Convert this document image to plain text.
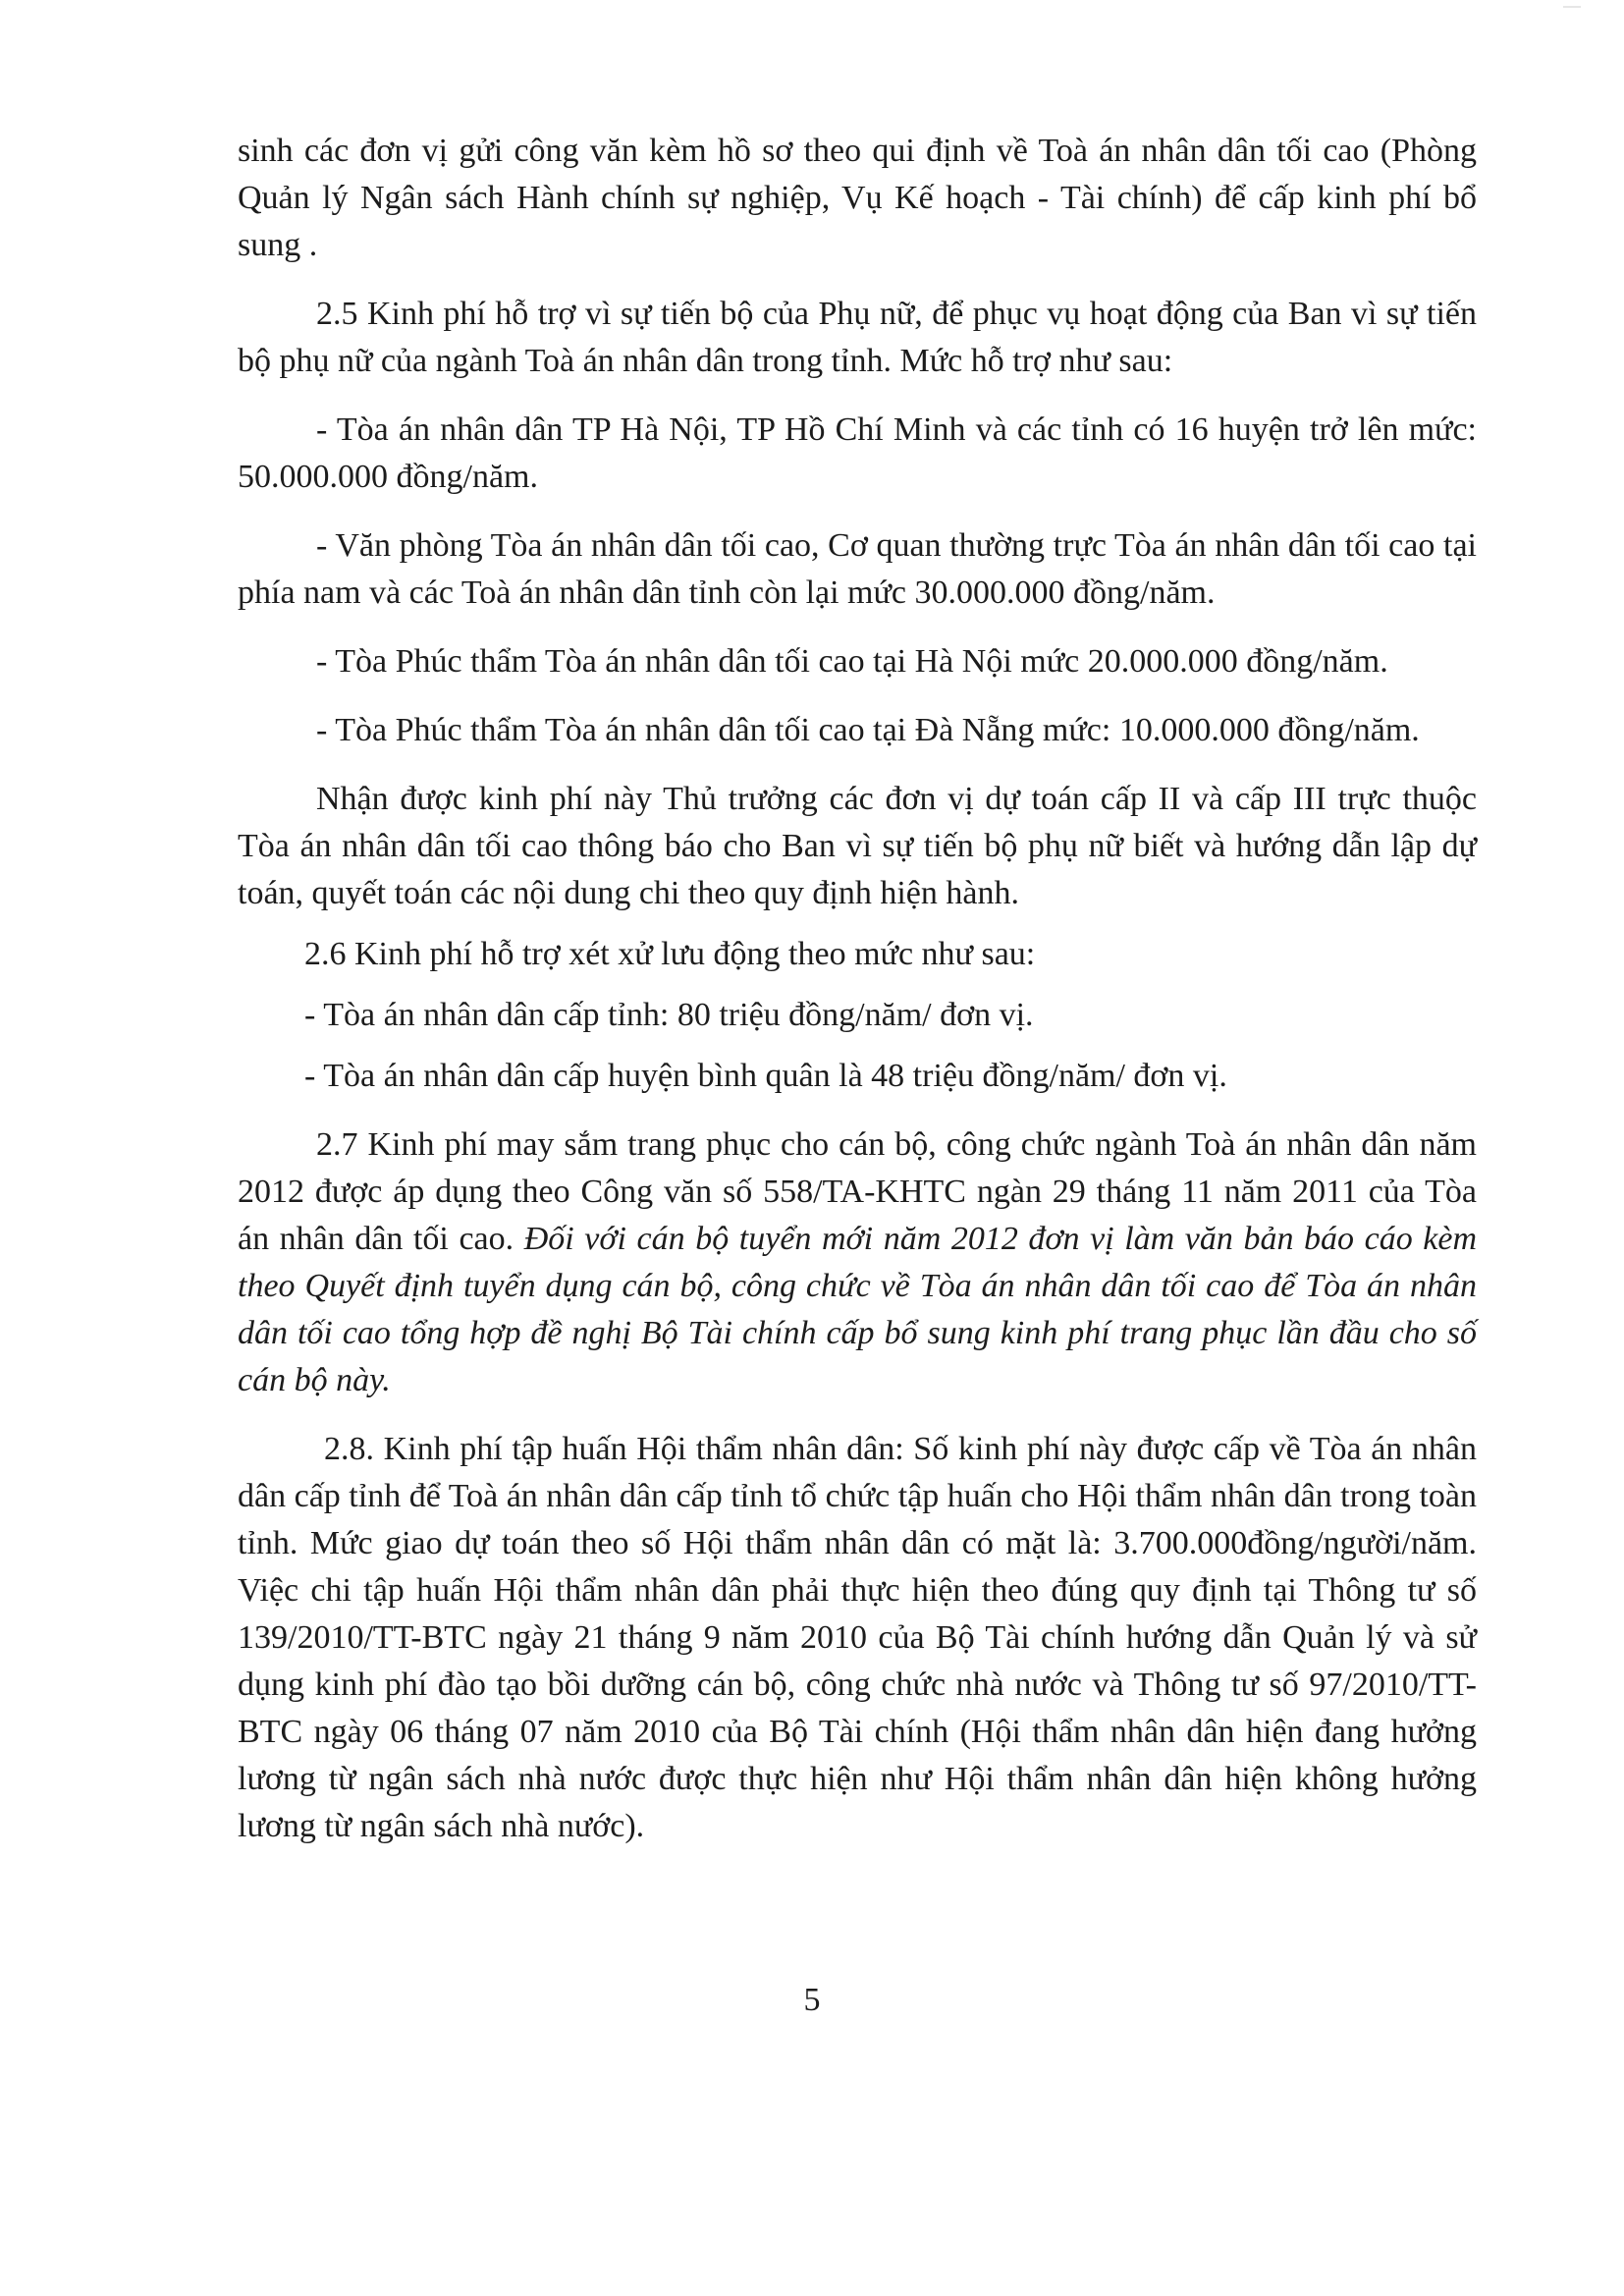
sinh các đơn vị gửi công văn kèm hồ sơ theo qui định về Toà án nhân dân tối cao (Phòng Quản lý Ngân sách Hành chính sự nghiệp, Vụ Kế hoạch - Tài chính) để cấp kinh phí bổ sung .

2.5 Kinh phí hỗ trợ vì sự tiến bộ của Phụ nữ, để phục vụ hoạt động của Ban vì sự tiến bộ phụ nữ của ngành Toà án nhân dân trong tỉnh. Mức hỗ trợ như sau:

- Tòa án nhân dân TP Hà Nội, TP Hồ Chí Minh và các tỉnh có 16 huyện trở lên mức: 50.000.000 đồng/năm.

- Văn phòng Tòa án nhân dân tối cao, Cơ quan thường trực Tòa án nhân dân tối cao tại phía nam và các Toà án nhân dân tỉnh còn lại mức 30.000.000 đồng/năm.

- Tòa Phúc thẩm Tòa án nhân dân tối cao tại Hà Nội mức 20.000.000 đồng/năm.

- Tòa Phúc thẩm Tòa án nhân dân tối cao tại Đà Nẵng mức: 10.000.000 đồng/năm.

Nhận được kinh phí này Thủ trưởng các đơn vị dự toán cấp II và cấp III trực thuộc Tòa án nhân dân tối cao thông báo cho Ban vì sự tiến bộ phụ nữ biết và hướng dẫn lập dự toán, quyết toán các nội dung chi theo quy định hiện hành.

2.6 Kinh phí hỗ trợ xét xử lưu động theo mức như sau:

- Tòa án nhân dân cấp tỉnh: 80 triệu đồng/năm/ đơn vị.

- Tòa án nhân dân cấp huyện bình quân là 48 triệu đồng/năm/ đơn vị.

2.7 Kinh phí may sắm trang phục cho cán bộ, công chức ngành Toà án nhân dân năm 2012 được áp dụng theo Công văn số 558/TA-KHTC ngàn 29 tháng 11 năm 2011 của Tòa án nhân dân tối cao. Đối với cán bộ tuyển mới năm 2012 đơn vị làm văn bản báo cáo kèm theo Quyết định tuyển dụng cán bộ, công chức về Tòa án nhân dân tối cao để Tòa án nhân dân tối cao tổng hợp đề nghị Bộ Tài chính cấp bổ sung kinh phí trang phục lần đầu cho số cán bộ này.

2.8. Kinh phí tập huấn Hội thẩm nhân dân: Số kinh phí này được cấp về Tòa án nhân dân cấp tỉnh để Toà án nhân dân cấp tỉnh tổ chức tập huấn cho Hội thẩm nhân dân trong toàn tỉnh. Mức giao dự toán theo số Hội thẩm nhân dân có mặt là: 3.700.000đồng/người/năm. Việc chi tập huấn Hội thẩm nhân dân phải thực hiện theo đúng quy định tại Thông tư số 139/2010/TT-BTC ngày 21 tháng 9 năm 2010 của Bộ Tài chính hướng dẫn Quản lý và sử dụng kinh phí đào tạo bồi dưỡng cán bộ, công chức nhà nước và Thông tư số 97/2010/TT-BTC ngày 06 tháng 07 năm 2010 của Bộ Tài chính (Hội thẩm nhân dân hiện đang hưởng lương từ ngân sách nhà nước được thực hiện như Hội thẩm nhân dân hiện không hưởng lương từ ngân sách nhà nước).

5
